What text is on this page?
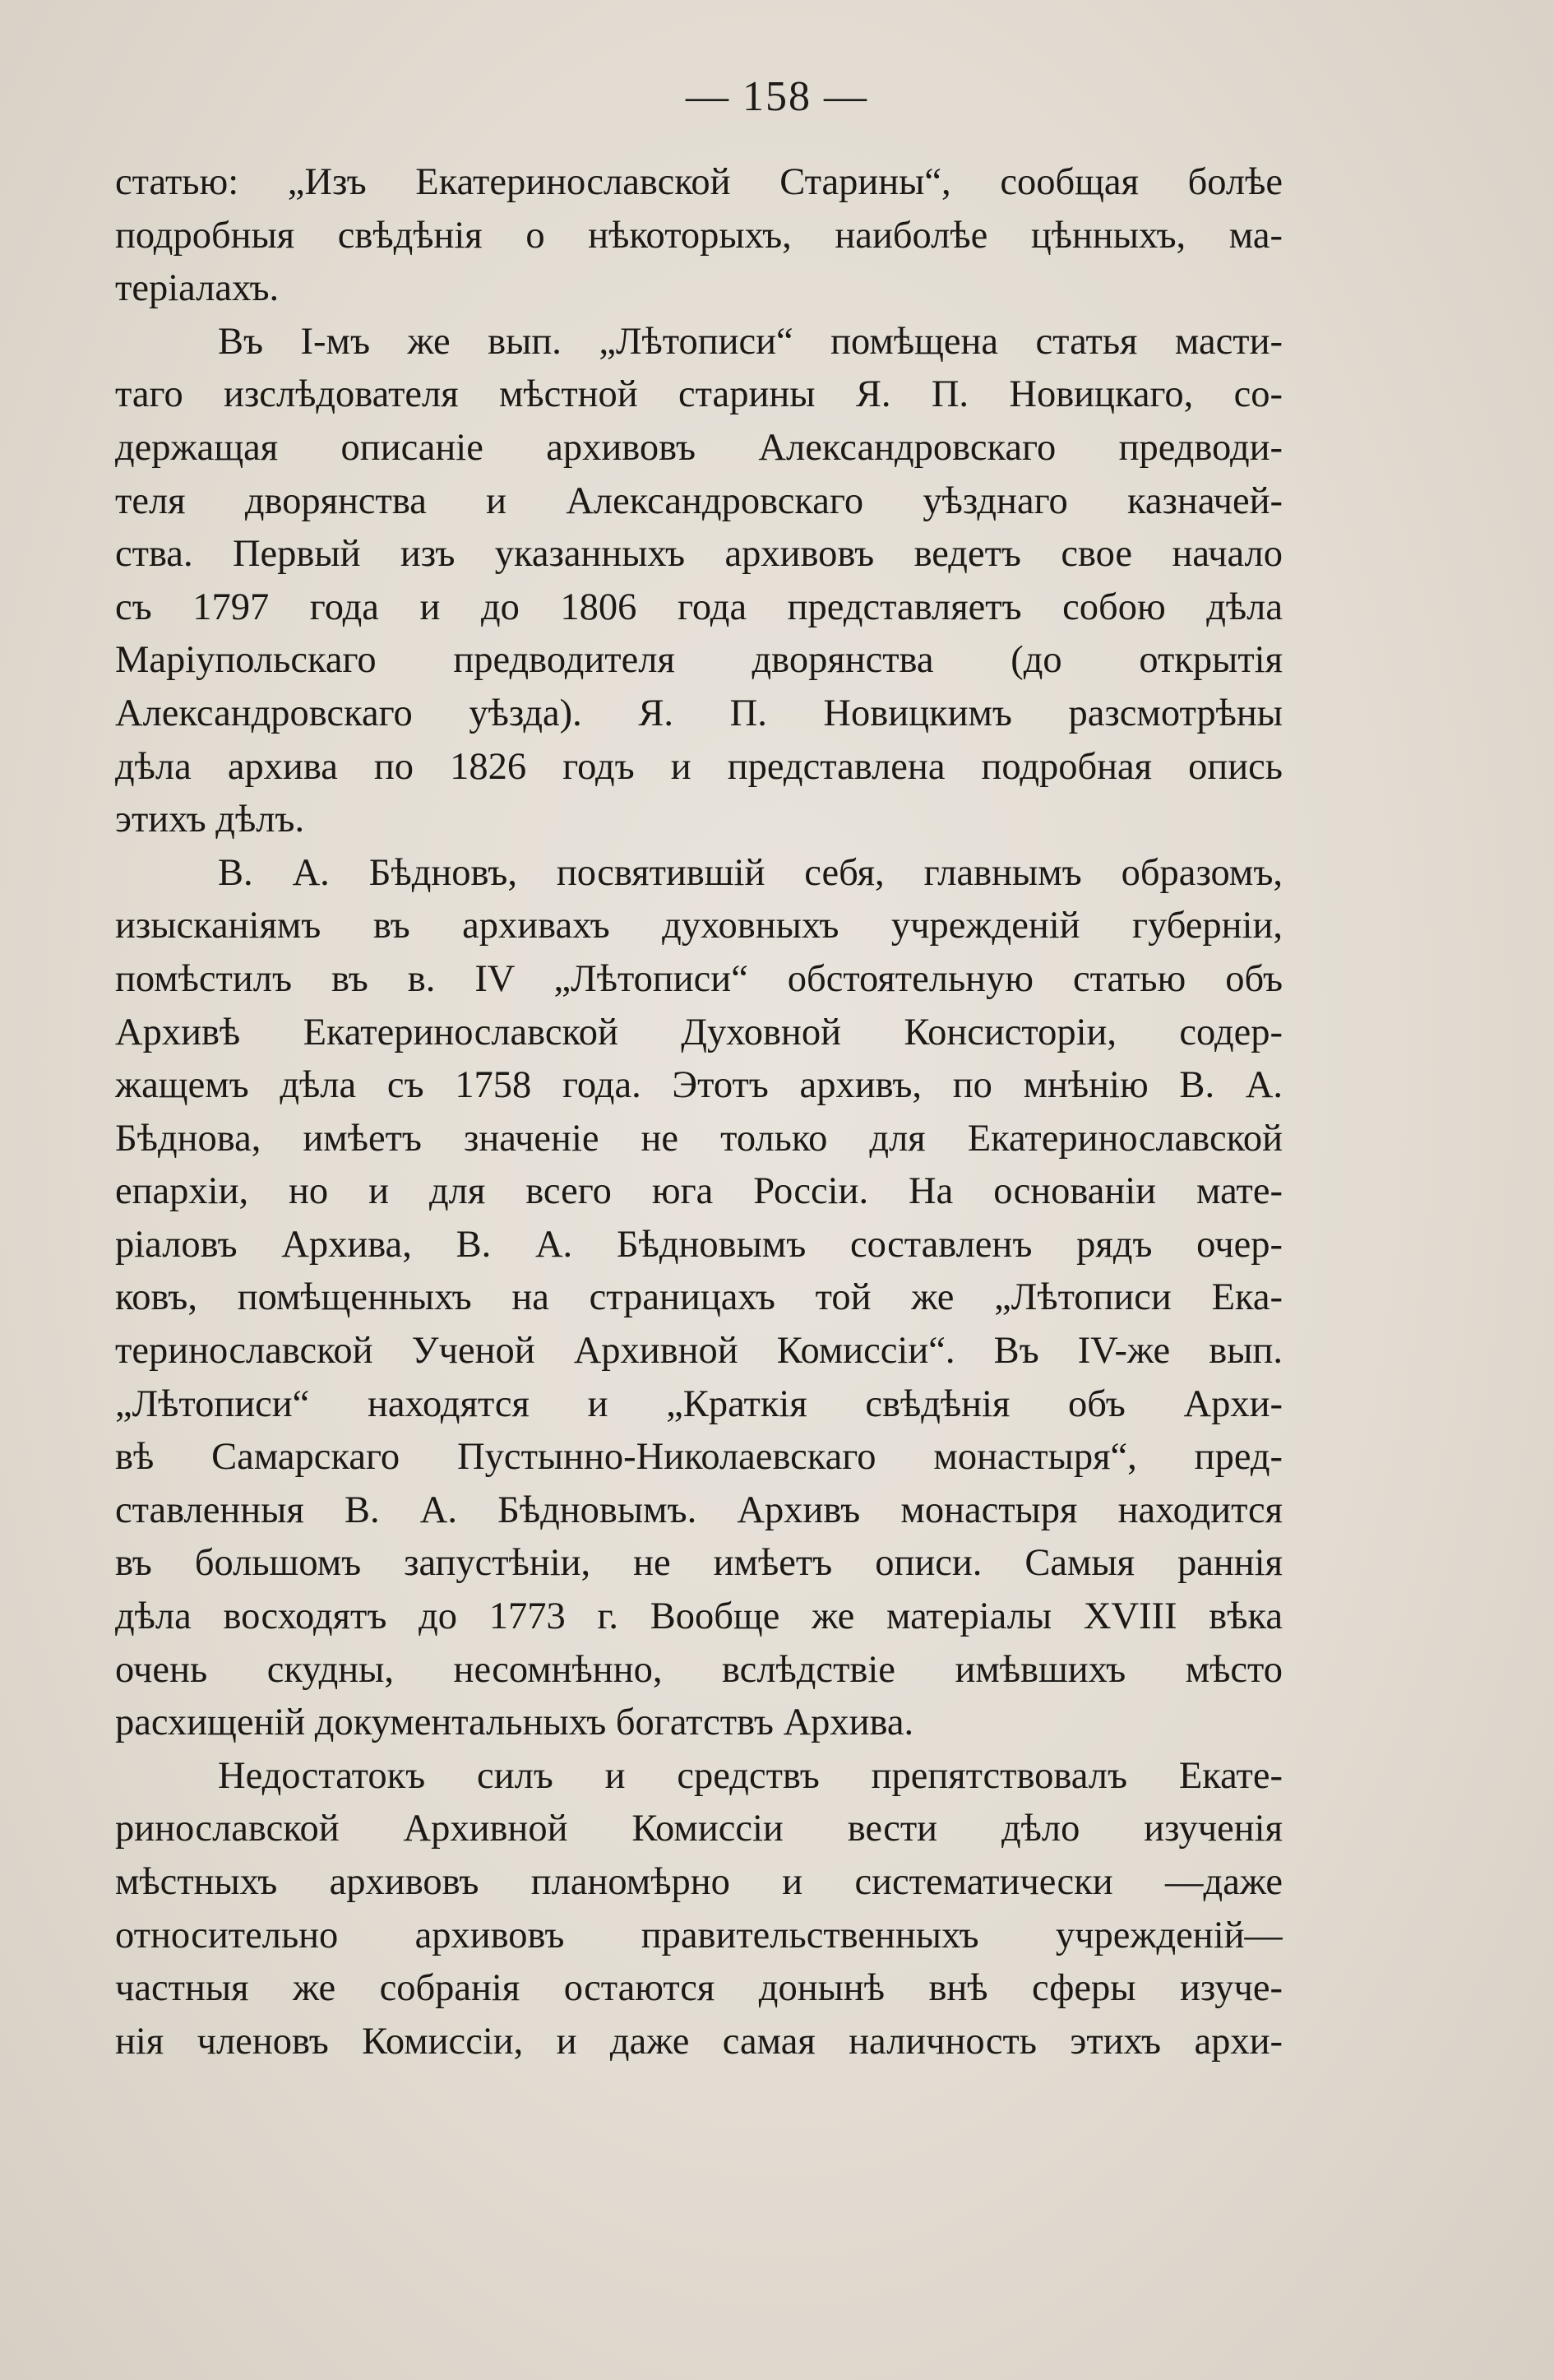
— 158 —
статью: „Изъ Екатеринославской Старины“, сообщая болѣе
подробныя свѣдѣнія о нѣкоторыхъ, наиболѣе цѣнныхъ, ма-
теріалахъ.
Въ I-мъ же вып. „Лѣтописи“ помѣщена статья масти-
таго изслѣдователя мѣстной старины Я. П. Новицкаго, со-
держащая описаніе архивовъ Александровскаго предводи-
теля дворянства и Александровскаго уѣзднаго казначей-
ства. Первый изъ указанныхъ архивовъ ведетъ свое начало
съ 1797 года и до 1806 года представляетъ собою дѣла
Маріупольскаго предводителя дворянства (до открытія
Александровскаго уѣзда). Я. П. Новицкимъ разсмотрѣны
дѣла архива по 1826 годъ и представлена подробная опись
этихъ дѣлъ.
В. А. Бѣдновъ, посвятившій себя, главнымъ образомъ,
изысканіямъ въ архивахъ духовныхъ учрежденій губерніи,
помѣстилъ въ в. IV „Лѣтописи“ обстоятельную статью объ
Архивѣ Екатеринославской Духовной Консисторіи, содер-
жащемъ дѣла съ 1758 года. Этотъ архивъ, по мнѣнію В. А.
Бѣднова, имѣетъ значеніе не только для Екатеринославской
епархіи, но и для всего юга Россіи. На основаніи мате-
ріаловъ Архива, В. А. Бѣдновымъ составленъ рядъ очер-
ковъ, помѣщенныхъ на страницахъ той же „Лѣтописи Ека-
теринославской Ученой Архивной Комиссіи“. Въ IV-же вып.
„Лѣтописи“ находятся и „Краткія свѣдѣнія объ Архи-
вѣ Самарскаго Пустынно-Николаевскаго монастыря“, пред-
ставленныя В. А. Бѣдновымъ. Архивъ монастыря находится
въ большомъ запустѣніи, не имѣетъ описи. Самыя раннія
дѣла восходятъ до 1773 г. Вообще же матеріалы XVIII вѣка
очень скудны, несомнѣнно, вслѣдствіе имѣвшихъ мѣсто
расхищеній документальныхъ богатствъ Архива.
Недостатокъ силъ и средствъ препятствовалъ Екате-
ринославской Архивной Комиссіи вести дѣло изученія
мѣстныхъ архивовъ планомѣрно и систематически —даже
относительно архивовъ правительственныхъ учрежденій—
частныя же собранія остаются донынѣ внѣ сферы изуче-
нія членовъ Комиссіи, и даже самая наличность этихъ архи-
